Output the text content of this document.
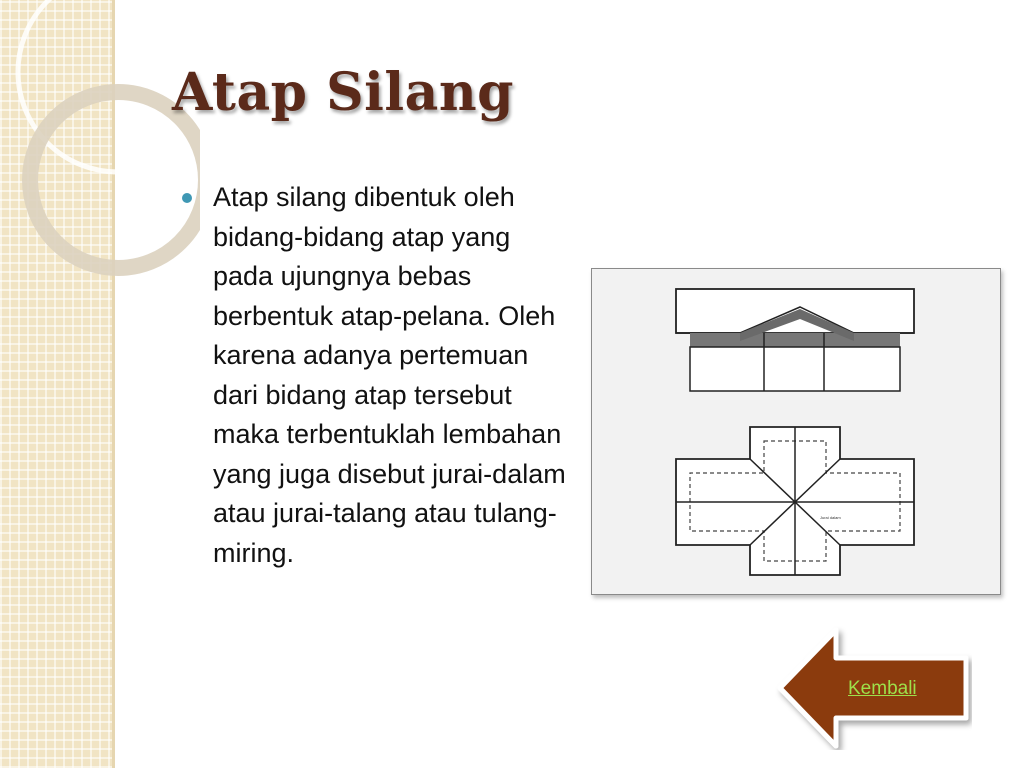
Atap Silang

Atap silang dibentuk oleh bidang-bidang atap yang pada ujungnya bebas berbentuk atap-pelana. Oleh karena adanya pertemuan dari bidang atap tersebut maka terbentuklah lembahan yang juga disebut jurai-dalam atau jurai-talang atau tulang-miring.

Jurai dalam
Kembali
